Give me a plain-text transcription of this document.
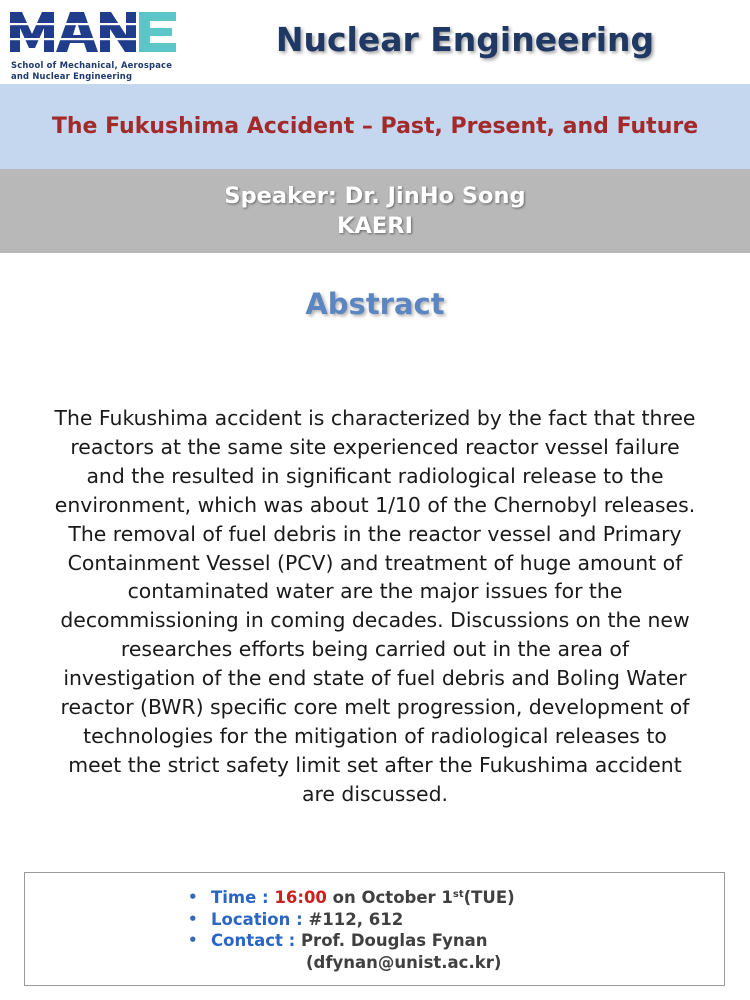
School of Mechanical, Aerospace
and Nuclear Engineering
Nuclear Engineering
The Fukushima Accident – Past, Present, and Future
Speaker: Dr. JinHo Song
KAERI
Abstract
The Fukushima accident is characterized by the fact that three
reactors at the same site experienced reactor vessel failure
and the resulted in significant radiological release to the
environment, which was about 1/10 of the Chernobyl releases.
The removal of fuel debris in the reactor vessel and Primary
Containment Vessel (PCV) and treatment of huge amount of
contaminated water are the major issues for the
decommissioning in coming decades. Discussions on the new
researches efforts being carried out in the area of
investigation of the end state of fuel debris and Boling Water
reactor (BWR) specific core melt progression, development of
technologies for the mitigation of radiological releases to
meet the strict safety limit set after the Fukushima accident
are discussed.
• Time : 16:00 on October 1st(TUE)
• Location : #112, 612
• Contact : Prof. Douglas Fynan
(dfynan@unist.ac.kr)
